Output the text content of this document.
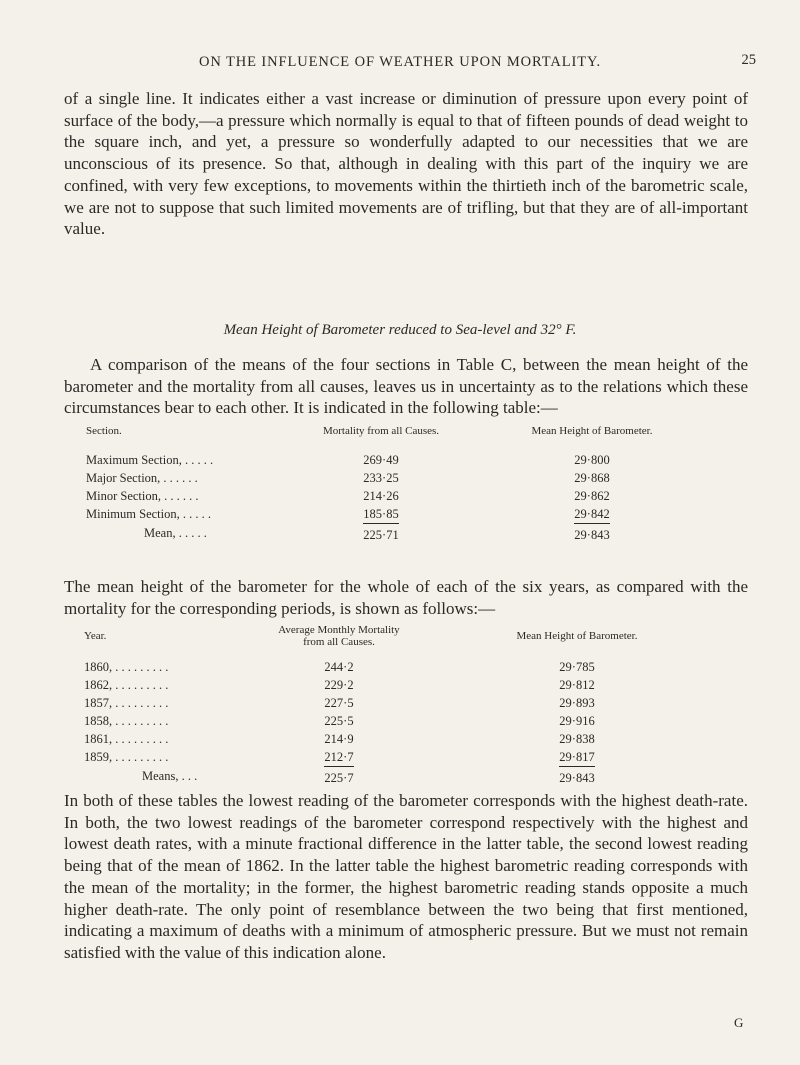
ON THE INFLUENCE OF WEATHER UPON MORTALITY.	25

of a single line. It indicates either a vast increase or diminution of pressure upon every point of surface of the body,—a pressure which normally is equal to that of fifteen pounds of dead weight to the square inch, and yet, a pressure so wonderfully adapted to our necessities that we are unconscious of its presence. So that, although in dealing with this part of the inquiry we are confined, with very few exceptions, to movements within the thirtieth inch of the barometric scale, we are not to suppose that such limited movements are of trifling, but that they are of all-important value.

Mean Height of Barometer reduced to Sea-level and 32° F.

A comparison of the means of the four sections in Table C, between the mean height of the barometer and the mortality from all causes, leaves us in uncertainty as to the relations which these circumstances bear to each other. It is indicated in the following table:—

Section.	Mortality from all Causes.	Mean Height of Barometer.
Maximum Section, . . . . .	269·49	29·800
Major Section, . . . . . .	233·25	29·868
Minor Section, . . . . . .	214·26	29·862
Minimum Section, . . . . .	185·85	29·842
Mean, . . . . .	225·71	29·843

The mean height of the barometer for the whole of each of the six years, as compared with the mortality for the corresponding periods, is shown as follows:—

Year.	Average Monthly Mortality
from all Causes.	Mean Height of Barometer.
1860, . . . . . . . . .	244·2	29·785
1862, . . . . . . . . .	229·2	29·812
1857, . . . . . . . . .	227·5	29·893
1858, . . . . . . . . .	225·5	29·916
1861, . . . . . . . . .	214·9	29·838
1859, . . . . . . . . .	212·7	29·817
Means, . . .	225·7	29·843

In both of these tables the lowest reading of the barometer corresponds with the highest death-rate. In both, the two lowest readings of the barometer correspond respectively with the highest and lowest death rates, with a minute fractional difference in the latter table, the second lowest reading being that of the mean of 1862. In the latter table the highest barometric reading corresponds with the mean of the mortality; in the former, the highest barometric reading stands opposite a much higher death-rate. The only point of resemblance between the two being that first mentioned, indicating a maximum of deaths with a minimum of atmospheric pressure. But we must not remain satisfied with the value of this indication alone.

G
